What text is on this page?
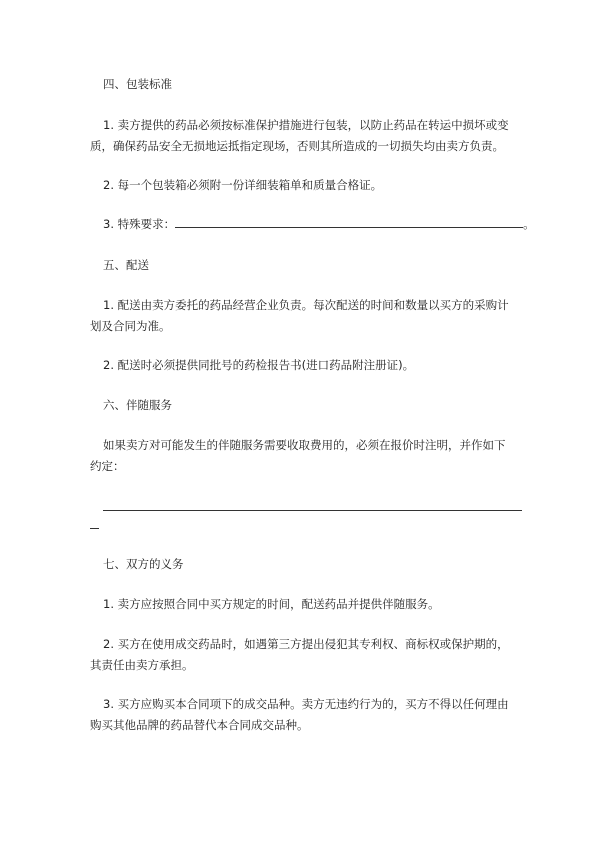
四、包装标准
1. 卖方提供的药品必须按标准保护措施进行包装，以防止药品在转运中损坏或变
质，确保药品安全无损地运抵指定现场，否则其所造成的一切损失均由卖方负责。
2. 每一个包装箱必须附一份详细装箱单和质量合格证。
3. 特殊要求：	。
五、配送
1. 配送由卖方委托的药品经营企业负责。每次配送的时间和数量以买方的采购计
划及合同为准。
2. 配送时必须提供同批号的药检报告书(进口药品附注册证)。
六、伴随服务
如果卖方对可能发生的伴随服务需要收取费用的，必须在报价时注明，并作如下
约定：
七、双方的义务
1. 卖方应按照合同中买方规定的时间，配送药品并提供伴随服务。
2. 买方在使用成交药品时，如遇第三方提出侵犯其专利权、商标权或保护期的，
其责任由卖方承担。
3. 买方应购买本合同项下的成交品种。卖方无违约行为的，买方不得以任何理由
购买其他品牌的药品替代本合同成交品种。
